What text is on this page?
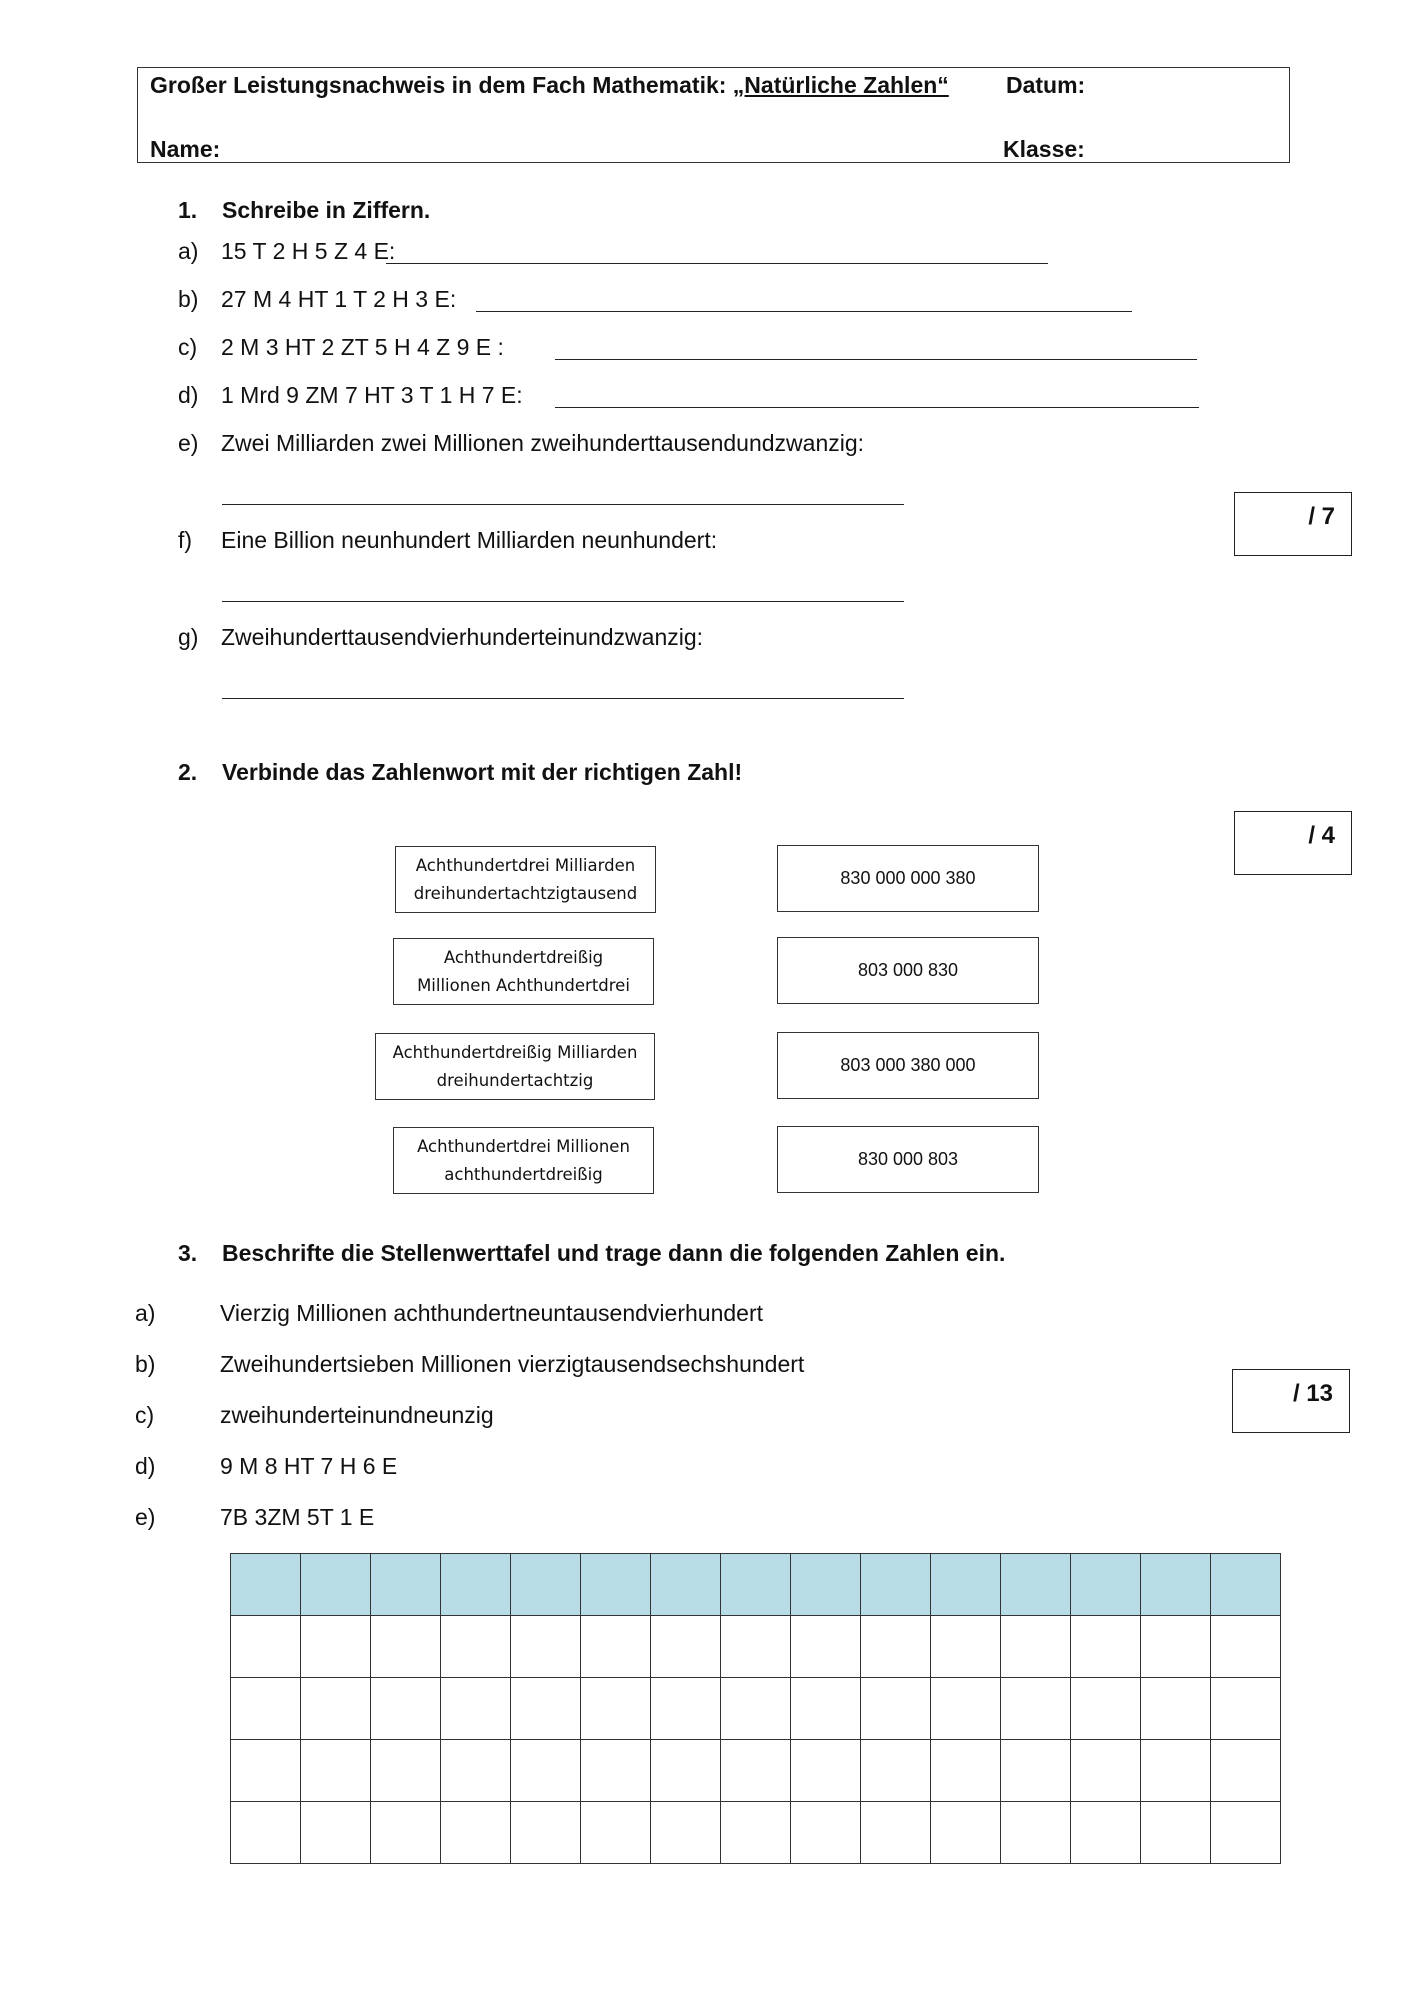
Großer Leistungsnachweis in dem Fach Mathematik: „Natürliche Zahlen“ Datum:
Name:	Klasse:
1. Schreibe in Ziffern.
a) 15 T 2 H 5 Z 4 E:
b) 27 M 4 HT 1 T 2 H 3 E:
c) 2 M 3 HT 2 ZT 5 H 4 Z 9 E :
d) 1 Mrd 9 ZM 7 HT 3 T 1 H 7 E:
e) Zwei Milliarden zwei Millionen zweihunderttausendundzwanzig:
/ 7
f) Eine Billion neunhundert Milliarden neunhundert:
g) Zweihunderttausendvierhunderteinundzwanzig:
2. Verbinde das Zahlenwort mit der richtigen Zahl!
/ 4
Achthundertdrei Milliarden
dreihundertachtzigtausend
Achthundertdreißig
Millionen Achthundertdrei
Achthundertdreißig Milliarden
dreihundertachtzig
Achthundertdrei Millionen
achthundertdreißig
830 000 000 380
803 000 830
803 000 380 000
830 000 803
3. Beschrifte die Stellenwerttafel und trage dann die folgenden Zahlen ein.
a)	Vierzig Millionen achthundertneuntausendvierhundert
b)	Zweihundertsieben Millionen vierzigtausendsechshundert
c)	zweihunderteinundneunzig
d)	9 M 8 HT 7 H 6 E
e)	7B 3ZM 5T 1 E
/ 13
